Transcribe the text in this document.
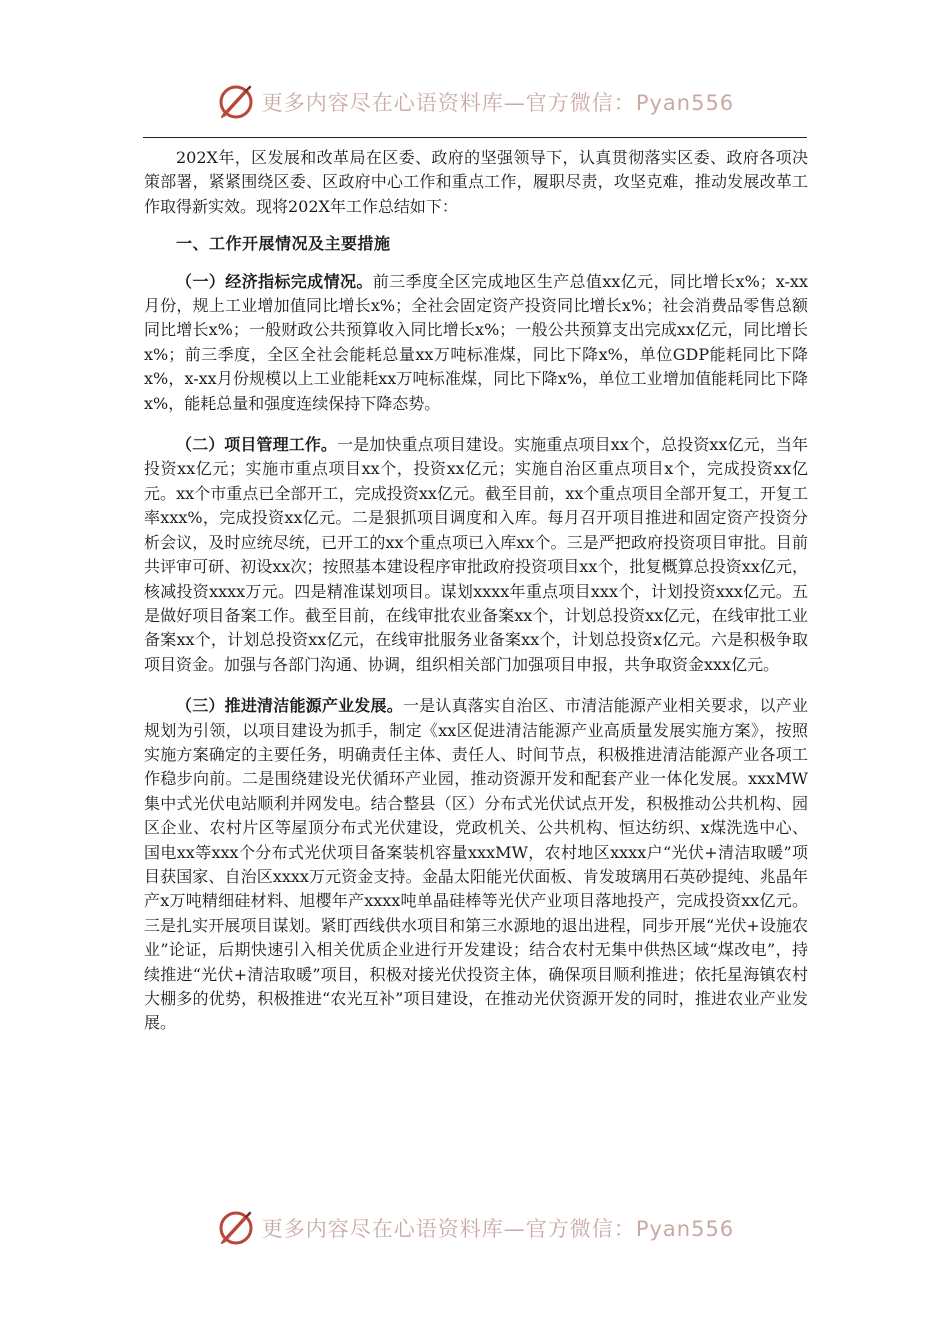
更多内容尽在心语资料库—官方微信：Pyan556

202X年，区发展和改革局在区委、政府的坚强领导下，认真贯彻落实区委、政府各项决策部署，紧紧围绕区委、区政府中心工作和重点工作，履职尽责，攻坚克难，推动发展改革工作取得新实效。现将202X年工作总结如下：

一、工作开展情况及主要措施

（一）经济指标完成情况。前三季度全区完成地区生产总值xx亿元，同比增长x%；x-xx月份，规上工业增加值同比增长x%；全社会固定资产投资同比增长x%；社会消费品零售总额同比增长x%；一般财政公共预算收入同比增长x%；一般公共预算支出完成xx亿元，同比增长x%；前三季度，全区全社会能耗总量xx万吨标准煤，同比下降x%，单位GDP能耗同比下降x%，x-xx月份规模以上工业能耗xx万吨标准煤，同比下降x%，单位工业增加值能耗同比下降x%，能耗总量和强度连续保持下降态势。

（二）项目管理工作。一是加快重点项目建设。实施重点项目xx个，总投资xx亿元，当年投资xx亿元；实施市重点项目xx个，投资xx亿元；实施自治区重点项目x个，完成投资xx亿元。xx个市重点已全部开工，完成投资xx亿元。截至目前，xx个重点项目全部开复工，开复工率xxx%，完成投资xx亿元。二是狠抓项目调度和入库。每月召开项目推进和固定资产投资分析会议，及时应统尽统，已开工的xx个重点项已入库xx个。三是严把政府投资项目审批。目前共评审可研、初设xx次；按照基本建设程序审批政府投资项目xx个，批复概算总投资xx亿元，核减投资xxxx万元。四是精准谋划项目。谋划xxxx年重点项目xxx个，计划投资xxx亿元。五是做好项目备案工作。截至目前，在线审批农业备案xx个，计划总投资xx亿元，在线审批工业备案xx个，计划总投资xx亿元，在线审批服务业备案xx个，计划总投资x亿元。六是积极争取项目资金。加强与各部门沟通、协调，组织相关部门加强项目申报，共争取资金xxx亿元。

（三）推进清洁能源产业发展。一是认真落实自治区、市清洁能源产业相关要求，以产业规划为引领，以项目建设为抓手，制定《xx区促进清洁能源产业高质量发展实施方案》，按照实施方案确定的主要任务，明确责任主体、责任人、时间节点，积极推进清洁能源产业各项工作稳步向前。二是围绕建设光伏循环产业园，推动资源开发和配套产业一体化发展。xxxMW集中式光伏电站顺利并网发电。结合整县（区）分布式光伏试点开发，积极推动公共机构、园区企业、农村片区等屋顶分布式光伏建设，党政机关、公共机构、恒达纺织、x煤洗选中心、国电xx等xxx个分布式光伏项目备案装机容量xxxMW，农村地区xxxx户“光伏+清洁取暖”项目获国家、自治区xxxx万元资金支持。金晶太阳能光伏面板、肯发玻璃用石英砂提纯、兆晶年产x万吨精细硅材料、旭樱年产xxxx吨单晶硅棒等光伏产业项目落地投产，完成投资xx亿元。三是扎实开展项目谋划。紧盯西线供水项目和第三水源地的退出进程，同步开展“光伏+设施农业”论证，后期快速引入相关优质企业进行开发建设；结合农村无集中供热区域“煤改电”，持续推进“光伏+清洁取暖”项目，积极对接光伏投资主体，确保项目顺利推进；依托星海镇农村大棚多的优势，积极推进“农光互补”项目建设，在推动光伏资源开发的同时，推进农业产业发展。

更多内容尽在心语资料库—官方微信：Pyan556
